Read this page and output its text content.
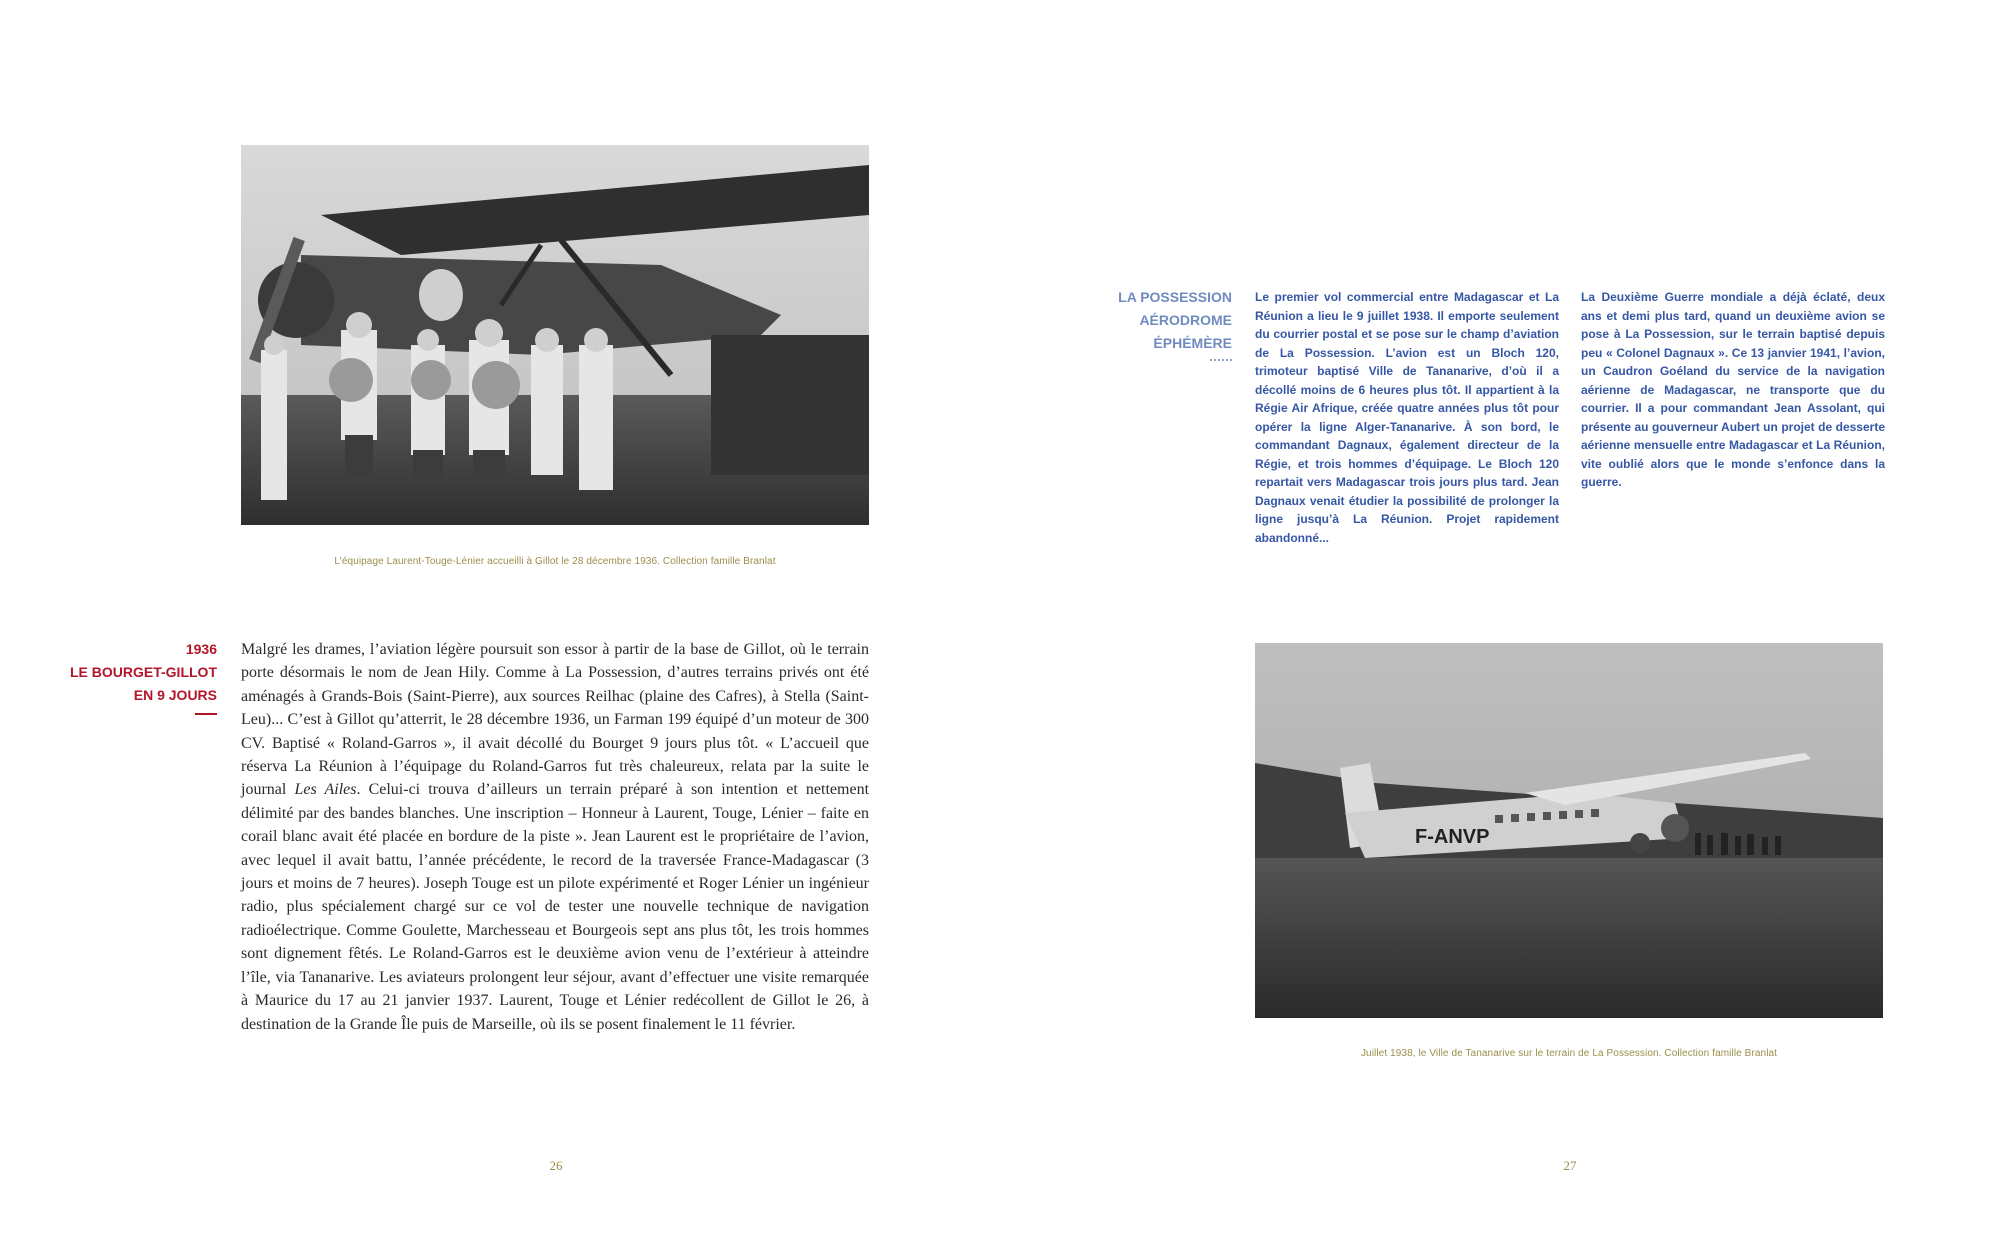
L’équipage Laurent-Touge-Lénier accueilli à Gillot le 28 décembre 1936. Collection famille Branlat
1936
LE BOURGET-GILLOT
EN 9 JOURS
Malgré les drames, l’aviation légère poursuit son essor à partir de la base de Gillot, où le terrain porte désormais le nom de Jean Hily. Comme à La Possession, d’autres terrains privés ont été aménagés à Grands-Bois (Saint-Pierre), aux sources Reilhac (plaine des Cafres), à Stella (Saint-Leu)... C’est à Gillot qu’atterrit, le 28 décembre 1936, un Farman 199 équipé d’un moteur de 300 CV. Baptisé « Roland-Garros », il avait décollé du Bourget 9 jours plus tôt. « L’accueil que réserva La Réunion à l’équipage du Roland-Garros fut très chaleureux, relata par la suite le journal Les Ailes. Celui-ci trouva d’ailleurs un terrain préparé à son intention et nettement délimité par des bandes blanches. Une inscription – Honneur à Laurent, Touge, Lénier – faite en corail blanc avait été placée en bordure de la piste ». Jean Laurent est le propriétaire de l’avion, avec lequel il avait battu, l’année précédente, le record de la traversée France-Madagascar (3 jours et moins de 7 heures). Joseph Touge est un pilote expérimenté et Roger Lénier un ingénieur radio, plus spécialement chargé sur ce vol de tester une nouvelle technique de navigation radioélectrique. Comme Goulette, Marchesseau et Bourgeois sept ans plus tôt, les trois hommes sont dignement fêtés. Le Roland-Garros est le deuxième avion venu de l’extérieur à atteindre l’île, via Tananarive. Les aviateurs prolongent leur séjour, avant d’effectuer une visite remarquée à Maurice du 17 au 21 janvier 1937. Laurent, Touge et Lénier redécollent de Gillot le 26, à destination de la Grande Île puis de Marseille, où ils se posent finalement le 11 février.
26
LA POSSESSION
AÉRODROME
ÉPHÉMÈRE
Le premier vol commercial entre Madagascar et La Réunion a lieu le 9 juillet 1938. Il emporte seulement du courrier postal et se pose sur le champ d’aviation de La Possession. L’avion est un Bloch 120, trimoteur baptisé Ville de Tananarive, d’où il a décollé moins de 6 heures plus tôt. Il appartient à la Régie Air Afrique, créée quatre années plus tôt pour opérer la ligne Alger-Tananarive. À son bord, le commandant Dagnaux, également directeur de la Régie, et trois hommes d’équipage. Le Bloch 120 repartait vers Madagascar trois jours plus tard. Jean Dagnaux venait étudier la possibilité de prolonger la ligne jusqu’à La Réunion. Projet rapidement abandonné...
La Deuxième Guerre mondiale a déjà éclaté, deux ans et demi plus tard, quand un deuxième avion se pose à La Possession, sur le terrain baptisé depuis peu « Colonel Dagnaux ». Ce 13 janvier 1941, l’avion, un Caudron Goéland du service de la navigation aérienne de Madagascar, ne transporte que du courrier. Il a pour commandant Jean Assolant, qui présente au gouverneur Aubert un projet de desserte aérienne mensuelle entre Madagascar et La Réunion, vite oublié alors que le monde s’enfonce dans la guerre.
F-ANVP
Juillet 1938, le Ville de Tananarive sur le terrain de La Possession. Collection famille Branlat
27
